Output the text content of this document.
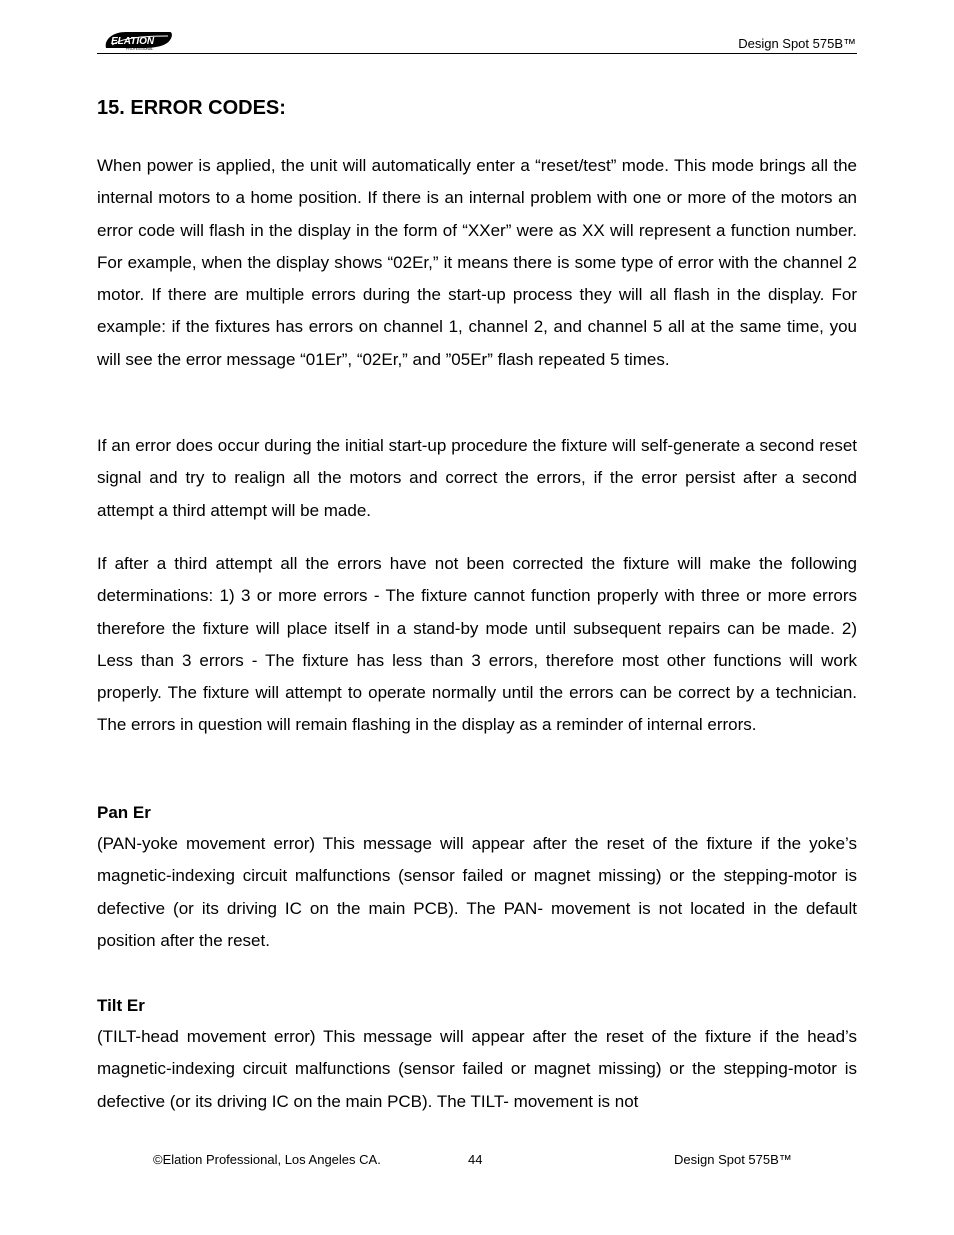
ELATION
PROFESSIONAL	Design Spot 575B™
15. ERROR CODES:

When power is applied, the unit will automatically enter a “reset/test” mode. This mode brings all the internal motors to a home position. If there is an internal problem with one or more of the motors an error code will flash in the display in the form of “XXer” were as XX will represent a function number. For example, when the display shows “02Er,” it means there is some type of error with the channel 2 motor. If there are multiple errors during the start-up process they will all flash in the display. For example: if the fixtures has errors on channel 1, channel 2, and channel 5 all at the same time, you will see the error message “01Er”, “02Er,” and ”05Er” flash repeated 5 times.

If an error does occur during the initial start-up procedure the fixture will self-generate a second reset signal and try to realign all the motors and correct the errors, if the error persist after a second attempt a third attempt will be made.

If after a third attempt all the errors have not been corrected the fixture will make the following determinations: 1) 3 or more errors - The fixture cannot function properly with three or more errors therefore the fixture will place itself in a stand-by mode until subsequent repairs can be made. 2) Less than 3 errors - The fixture has less than 3 errors, therefore most other functions will work properly. The fixture will attempt to operate normally until the errors can be correct by a technician. The errors in question will remain flashing in the display as a reminder of internal errors.

Pan Er

(PAN-yoke movement error) This message will appear after the reset of the fixture if the yoke’s magnetic-indexing circuit malfunctions (sensor failed or magnet missing) or the stepping-motor is defective (or its driving IC on the main PCB). The PAN- movement is not located in the default position after the reset.

Tilt Er

(TILT-head movement error) This message will appear after the reset of the fixture if the head’s magnetic-indexing circuit malfunctions (sensor failed or magnet missing) or the stepping-motor is defective (or its driving IC on the main PCB). The TILT- movement is not

©Elation Professional, Los Angeles CA.	44	Design Spot 575B™
